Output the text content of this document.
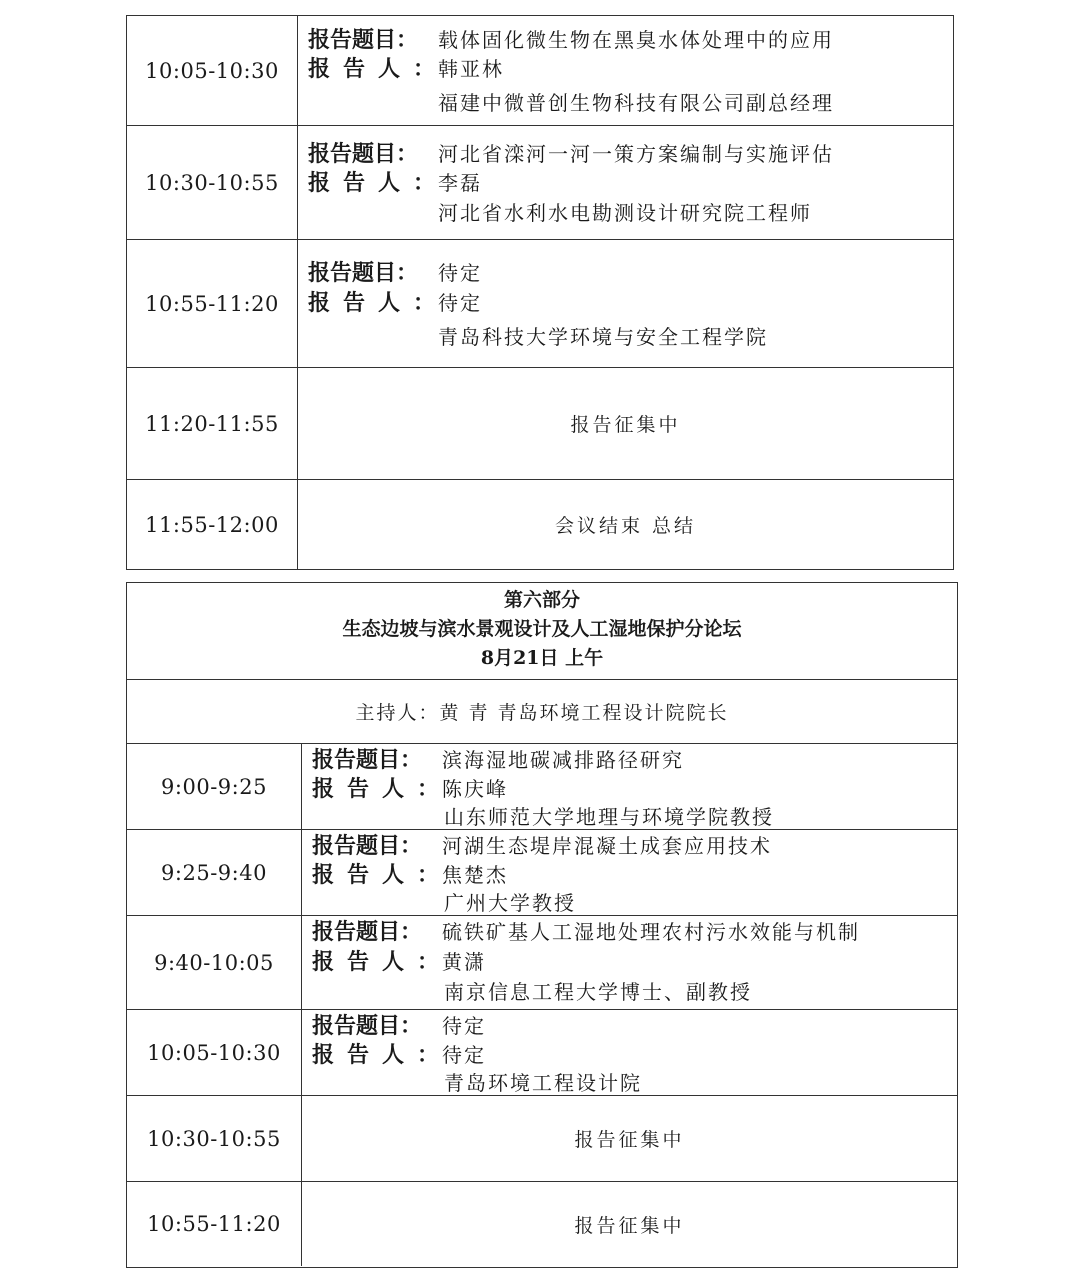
10:05-10:30
报告题目： 载体固化微生物在黑臭水体处理中的应用
报告人：韩亚林
福建中微普创生物科技有限公司副总经理
10:30-10:55
报告题目： 河北省滦河一河一策方案编制与实施评估
报告人：李磊
河北省水利水电勘测设计研究院工程师
10:55-11:20
报告题目： 待定
报告人：待定
青岛科技大学环境与安全工程学院
11:20-11:55	报告征集中
11:55-12:00	会议结束 总结
第六部分
生态边坡与滨水景观设计及人工湿地保护分论坛
8月21日 上午
主持人：黄 青 青岛环境工程设计院院长
9:00-9:25
报告题目： 滨海湿地碳减排路径研究
报告人：陈庆峰
山东师范大学地理与环境学院教授
9:25-9:40
报告题目： 河湖生态堤岸混凝土成套应用技术
报告人：焦楚杰
广州大学教授
9:40-10:05
报告题目： 硫铁矿基人工湿地处理农村污水效能与机制
报告人：黄潇
南京信息工程大学博士、副教授
10:05-10:30
报告题目： 待定
报告人：待定
青岛环境工程设计院
10:30-10:55	报告征集中
10:55-11:20	报告征集中
